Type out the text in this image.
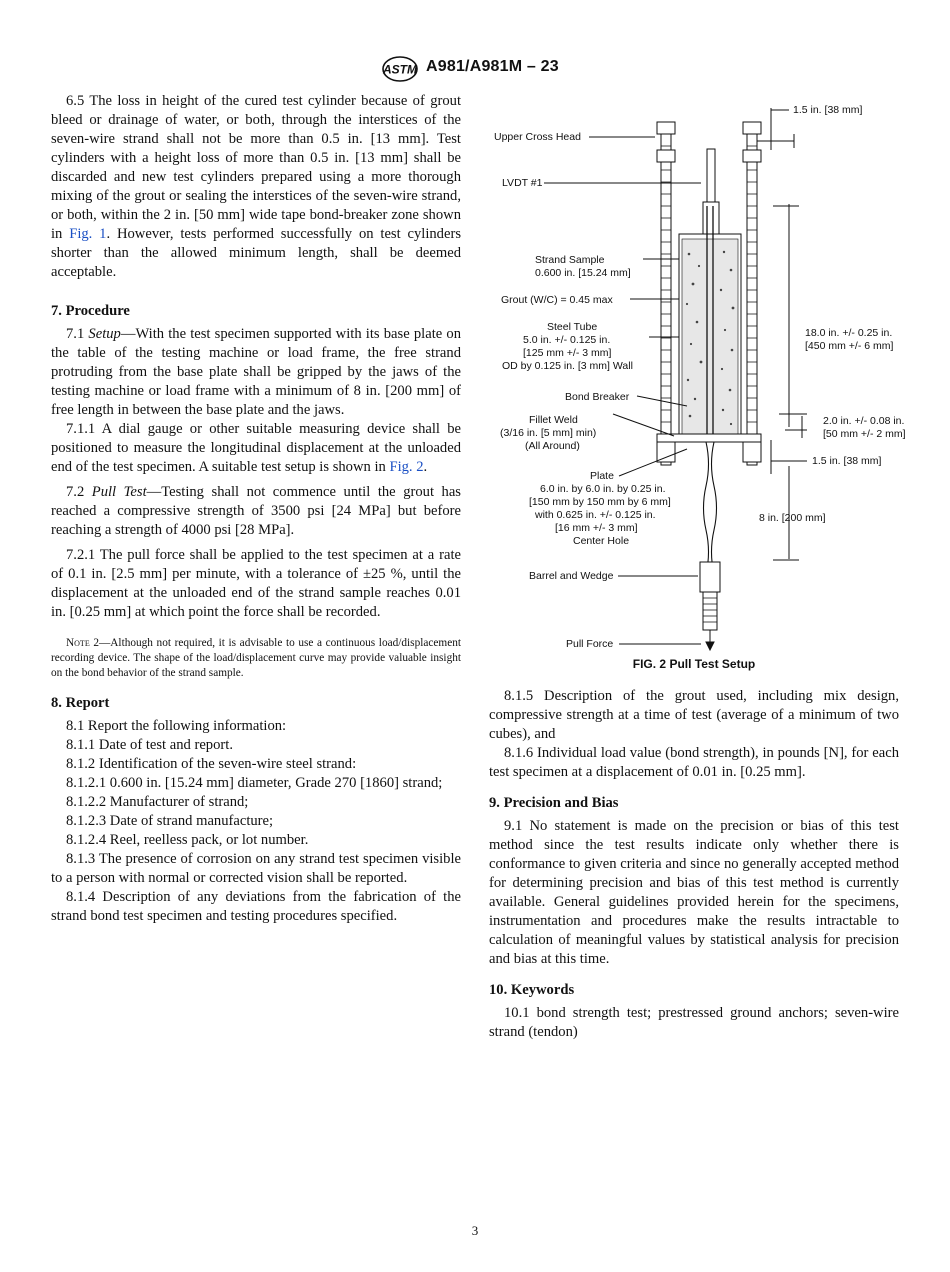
ASTM A981/A981M – 23

6.5 The loss in height of the cured test cylinder because of grout bleed or drainage of water, or both, through the interstices of the seven-wire strand shall not be more than 0.5 in. [13 mm]. Test cylinders with a height loss of more than 0.5 in. [13 mm] shall be discarded and new test cylinders prepared using a more thorough mixing of the grout or sealing the interstices of the seven-wire strand, or both, within the 2 in. [50 mm] wide tape bond-breaker zone shown in Fig. 1. However, tests performed successfully on test cylinders shorter than the allowed minimum length, shall be deemed acceptable.

7. Procedure

7.1 Setup—With the test specimen supported with its base plate on the table of the testing machine or load frame, the free strand protruding from the base plate shall be gripped by the jaws of the testing machine or load frame with a minimum of 8 in. [200 mm] of free length in between the base plate and the jaws.

7.1.1 A dial gauge or other suitable measuring device shall be positioned to measure the longitudinal displacement at the unloaded end of the test specimen. A suitable test setup is shown in Fig. 2.

7.2 Pull Test—Testing shall not commence until the grout has reached a compressive strength of 3500 psi [24 MPa] but before reaching a strength of 4000 psi [28 MPa].

7.2.1 The pull force shall be applied to the test specimen at a rate of 0.1 in. [2.5 mm] per minute, with a tolerance of ±25 %, until the displacement at the unloaded end of the strand sample reaches 0.01 in. [0.25 mm] at which point the force shall be recorded.

Note 2—Although not required, it is advisable to use a continuous load/displacement recording device. The shape of the load/displacement curve may provide valuable insight on the bond behavior of the strand sample.

8. Report

8.1 Report the following information:

8.1.1 Date of test and report.

8.1.2 Identification of the seven-wire steel strand:

8.1.2.1 0.600 in. [15.24 mm] diameter, Grade 270 [1860] strand;

8.1.2.2 Manufacturer of strand;

8.1.2.3 Date of strand manufacture;

8.1.2.4 Reel, reelless pack, or lot number.

8.1.3 The presence of corrosion on any strand test specimen visible to a person with normal or corrected vision shall be reported.

8.1.4 Description of any deviations from the fabrication of the strand bond test specimen and testing procedures specified.

Upper Cross Head
LVDT #1
Strand Sample
0.600 in. [15.24 mm]
Grout (W/C) = 0.45 max
Steel Tube
5.0 in. +/- 0.125 in.
[125 mm +/- 3 mm]
OD by 0.125 in. [3 mm] Wall
Bond Breaker
Fillet Weld
(3/16 in. [5 mm] min)
(All Around)
Plate
6.0 in. by 6.0 in. by 0.25 in.
[150 mm by 150 mm by 6 mm]
with 0.625 in. +/- 0.125 in.
[16 mm +/- 3 mm]
Center Hole
Barrel and Wedge
Pull Force
1.5 in. [38 mm]
18.0 in. +/- 0.25 in.
[450 mm +/- 6 mm]
2.0 in. +/- 0.08 in.
[50 mm +/- 2 mm]
1.5 in. [38 mm]
8 in. [200 mm]
FIG. 2 Pull Test Setup

8.1.5 Description of the grout used, including mix design, compressive strength at a time of test (average of a minimum of two cubes), and

8.1.6 Individual load value (bond strength), in pounds [N], for each test specimen at a displacement of 0.01 in. [0.25 mm].

9. Precision and Bias

9.1 No statement is made on the precision or bias of this test method since the test results indicate only whether there is conformance to given criteria and since no generally accepted method for determining precision and bias of this test method is currently available. General guidelines provided herein for the specimens, instrumentation and procedures make the results intractable to calculation of meaningful values by statistical analysis for precision and bias at this time.

10. Keywords

10.1 bond strength test; prestressed ground anchors; seven-wire strand (tendon)

3
